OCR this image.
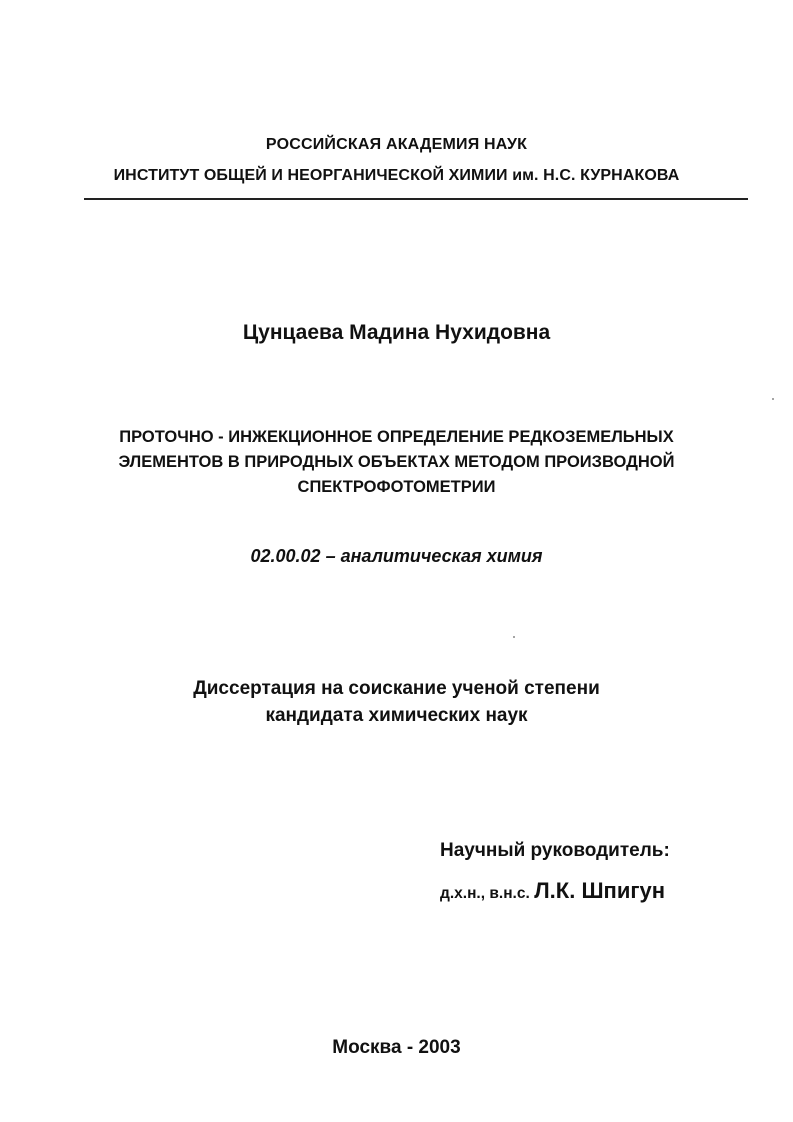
РОССИЙСКАЯ АКАДЕМИЯ НАУК
ИНСТИТУТ ОБЩЕЙ И НЕОРГАНИЧЕСКОЙ ХИМИИ им. Н.С. КУРНАКОВА
Цунцаева Мадина Нухидовна
ПРОТОЧНО - ИНЖЕКЦИОННОЕ ОПРЕДЕЛЕНИЕ РЕДКОЗЕМЕЛЬНЫХ
ЭЛЕМЕНТОВ В ПРИРОДНЫХ ОБЪЕКТАХ МЕТОДОМ ПРОИЗВОДНОЙ
СПЕКТРОФОТОМЕТРИИ
02.00.02 – аналитическая химия
Диссертация на соискание ученой степени
кандидата химических наук
Научный руководитель:
д.х.н., в.н.с. Л.К. Шпигун
Москва - 2003
